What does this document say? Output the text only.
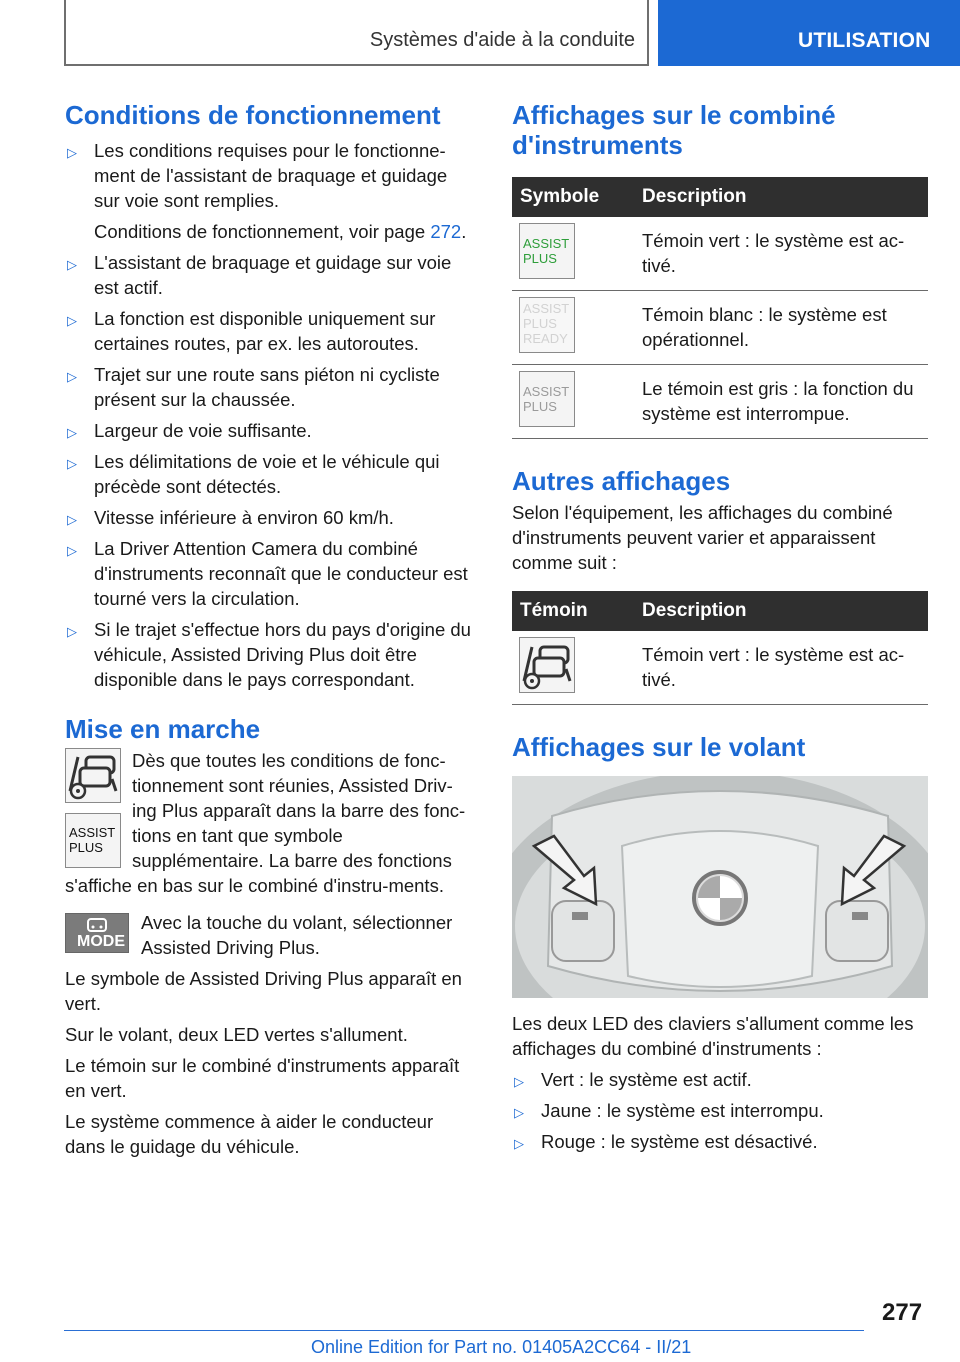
Systèmes d'aide à la conduite	UTILISATION
Conditions de fonctionnement
▷ Les conditions requises pour le fonctionne-ment de l'assistant de braquage et guidage sur voie sont remplies.

Conditions de fonctionnement, voir page 272.

▷ L'assistant de braquage et guidage sur voie est actif.

▷ La fonction est disponible uniquement sur certaines routes, par ex. les autoroutes.

▷ Trajet sur une route sans piéton ni cycliste présent sur la chaussée.

▷ Largeur de voie suffisante.

▷ Les délimitations de voie et le véhicule qui précède sont détectés.

▷ Vitesse inférieure à environ 60 km/h.

▷ La Driver Attention Camera du combiné d'instruments reconnaît que le conducteur est tourné vers la circulation.

▷ Si le trajet s'effectue hors du pays d'origine du véhicule, Assisted Driving Plus doit être disponible dans le pays correspondant.

Mise en marche
ASSIST
PLUS

Dès que toutes les conditions de fonc-tionnement sont réunies, Assisted Driv-ing Plus apparaît dans la barre des fonc-tions en tant que symbole supplémentaire. La barre des fonctions s'affiche en bas sur le combiné d'instru-ments.

MODE

Avec la touche du volant, sélectionner Assisted Driving Plus.

Le symbole de Assisted Driving Plus apparaît en vert.

Sur le volant, deux LED vertes s'allument.

Le témoin sur le combiné d'instruments apparaît en vert.

Le système commence à aider le conducteur dans le guidage du véhicule.

Affichages sur le combiné d'instruments
Symbole	Description

ASSIST
PLUS	Témoin vert : le système est ac-tivé.

ASSIST
PLUS
READY	Témoin blanc : le système est opérationnel.

ASSIST
PLUS	Le témoin est gris : la fonction du système est interrompue.
Autres affichages

Selon l'équipement, les affichages du combiné d'instruments peuvent varier et apparaissent comme suit :

Témoin	Description

	Témoin vert : le système est ac-tivé.
Affichages sur le volant

Les deux LED des claviers s'allument comme les affichages du combiné d'instruments :

▷ Vert : le système est actif.

▷ Jaune : le système est interrompu.

▷ Rouge : le système est désactivé.

277
Online Edition for Part no. 01405A2CC64 - II/21
